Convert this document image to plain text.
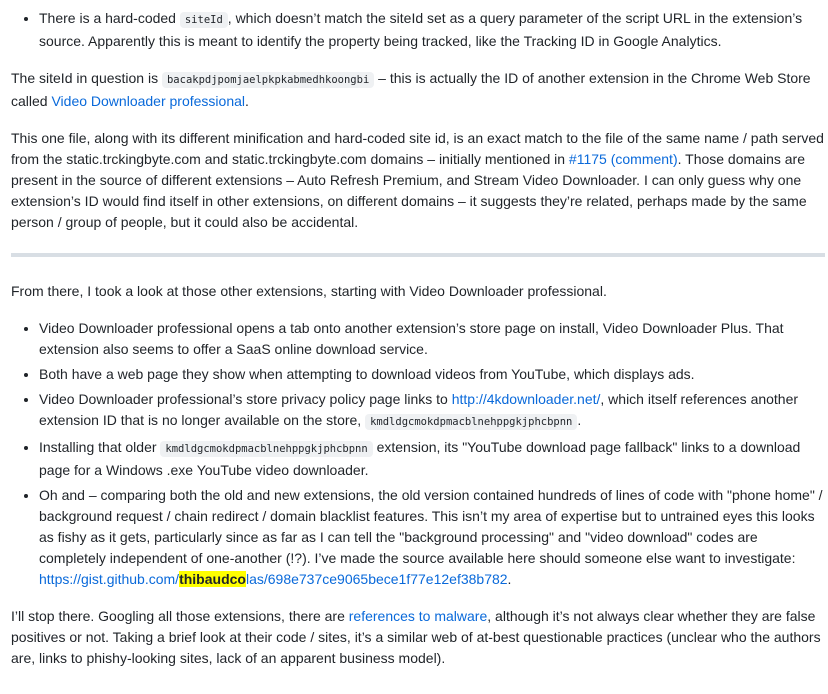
• There is a hard-coded siteId , which doesn’t match the siteId set as a query parameter of the script URL in the extension’s source. Apparently this is meant to identify the property being tracked, like the Tracking ID in Google Analytics.

The siteId in question is bacakpdjpomjaelpkpkabmedhkoongbi – this is actually the ID of another extension in the Chrome Web Store called Video Downloader professional.

This one file, along with its different minification and hard-coded site id, is an exact match to the file of the same name / path served from the static.trckingbyte.com and static.trckingbyte.com domains – initially mentioned in #1175 (comment). Those domains are present in the source of different extensions – Auto Refresh Premium, and Stream Video Downloader. I can only guess why one extension’s ID would find itself in other extensions, on different domains – it suggests they’re related, perhaps made by the same person / group of people, but it could also be accidental.

From there, I took a look at those other extensions, starting with Video Downloader professional.

• Video Downloader professional opens a tab onto another extension’s store page on install, Video Downloader Plus. That extension also seems to offer a SaaS online download service.
• Both have a web page they show when attempting to download videos from YouTube, which displays ads.
• Video Downloader professional’s store privacy policy page links to http://4kdownloader.net/, which itself references another extension ID that is no longer available on the store, kmdldgcmokdpmacblnehppgkjphcbpnn .
• Installing that older kmdldgcmokdpmacblnehppgkjphcbpnn extension, its "YouTube download page fallback" links to a download page for a Windows .exe YouTube video downloader.
• Oh and – comparing both the old and new extensions, the old version contained hundreds of lines of code with "phone home" / background request / chain redirect / domain blacklist features. This isn’t my area of expertise but to untrained eyes this looks as fishy as it gets, particularly since as far as I can tell the "background processing" and "video download" codes are completely independent of one-another (!?). I’ve made the source available here should someone else want to investigate: https://gist.github.com/thibaudcolas/698e737ce9065bece1f77e12ef38b782.

I’ll stop there. Googling all those extensions, there are references to malware, although it’s not always clear whether they are false positives or not. Taking a brief look at their code / sites, it’s a similar web of at-best questionable practices (unclear who the authors are, links to phishy-looking sites, lack of an apparent business model).
